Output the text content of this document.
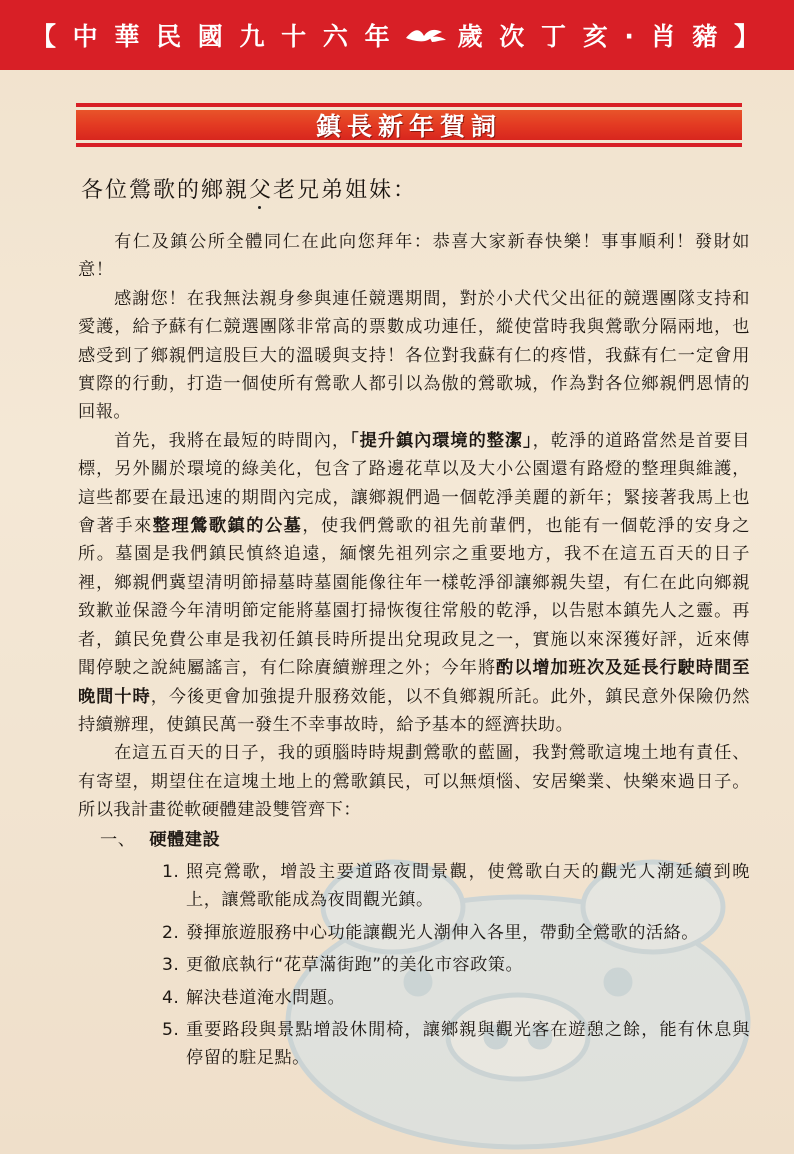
【 中 華 民 國 九 十 六 年	歲 次 丁 亥 · 肖 豬 】
鎮長新年賀詞
各位鶯歌的鄉親父老兄弟姐妹：

有仁及鎮公所全體同仁在此向您拜年：恭喜大家新春快樂！事事順利！發財如意！

感謝您！在我無法親身參與連任競選期間，對於小犬代父出征的競選團隊支持和愛護，給予蘇有仁競選團隊非常高的票數成功連任，縱使當時我與鶯歌分隔兩地，也感受到了鄉親們這股巨大的溫暖與支持！各位對我蘇有仁的疼惜，我蘇有仁一定會用實際的行動，打造一個使所有鶯歌人都引以為傲的鶯歌城，作為對各位鄉親們恩情的回報。

首先，我將在最短的時間內，「提升鎮內環境的整潔」，乾淨的道路當然是首要目標，另外關於環境的綠美化，包含了路邊花草以及大小公園還有路燈的整理與維護，這些都要在最迅速的期間內完成，讓鄉親們過一個乾淨美麗的新年；緊接著我馬上也會著手來整理鶯歌鎮的公墓，使我們鶯歌的祖先前輩們，也能有一個乾淨的安身之所。墓園是我們鎮民慎終追遠，緬懷先祖列宗之重要地方，我不在這五百天的日子裡，鄉親們冀望清明節掃墓時墓園能像往年一樣乾淨卻讓鄉親失望，有仁在此向鄉親致歉並保證今年清明節定能將墓園打掃恢復往常般的乾淨，以告慰本鎮先人之靈。再者，鎮民免費公車是我初任鎮長時所提出兌現政見之一，實施以來深獲好評，近來傳聞停駛之說純屬謠言，有仁除賡續辦理之外；今年將酌以增加班次及延長行駛時間至晚間十時，今後更會加強提升服務效能，以不負鄉親所託。此外，鎮民意外保險仍然持續辦理，使鎮民萬一發生不幸事故時，給予基本的經濟扶助。

在這五百天的日子，我的頭腦時時規劃鶯歌的藍圖，我對鶯歌這塊土地有責任、有寄望，期望住在這塊土地上的鶯歌鎮民，可以無煩惱、安居樂業、快樂來過日子。所以我計畫從軟硬體建設雙管齊下：

一、 硬體建設
1. 照亮鶯歌，增設主要道路夜間景觀，使鶯歌白天的觀光人潮延續到晚上，讓鶯歌能成為夜間觀光鎮。
2. 發揮旅遊服務中心功能讓觀光人潮伸入各里，帶動全鶯歌的活絡。
3. 更徹底執行“花草滿街跑”的美化市容政策。
4. 解決巷道淹水問題。
5. 重要路段與景點增設休閒椅，讓鄉親與觀光客在遊憩之餘，能有休息與停留的駐足點。
